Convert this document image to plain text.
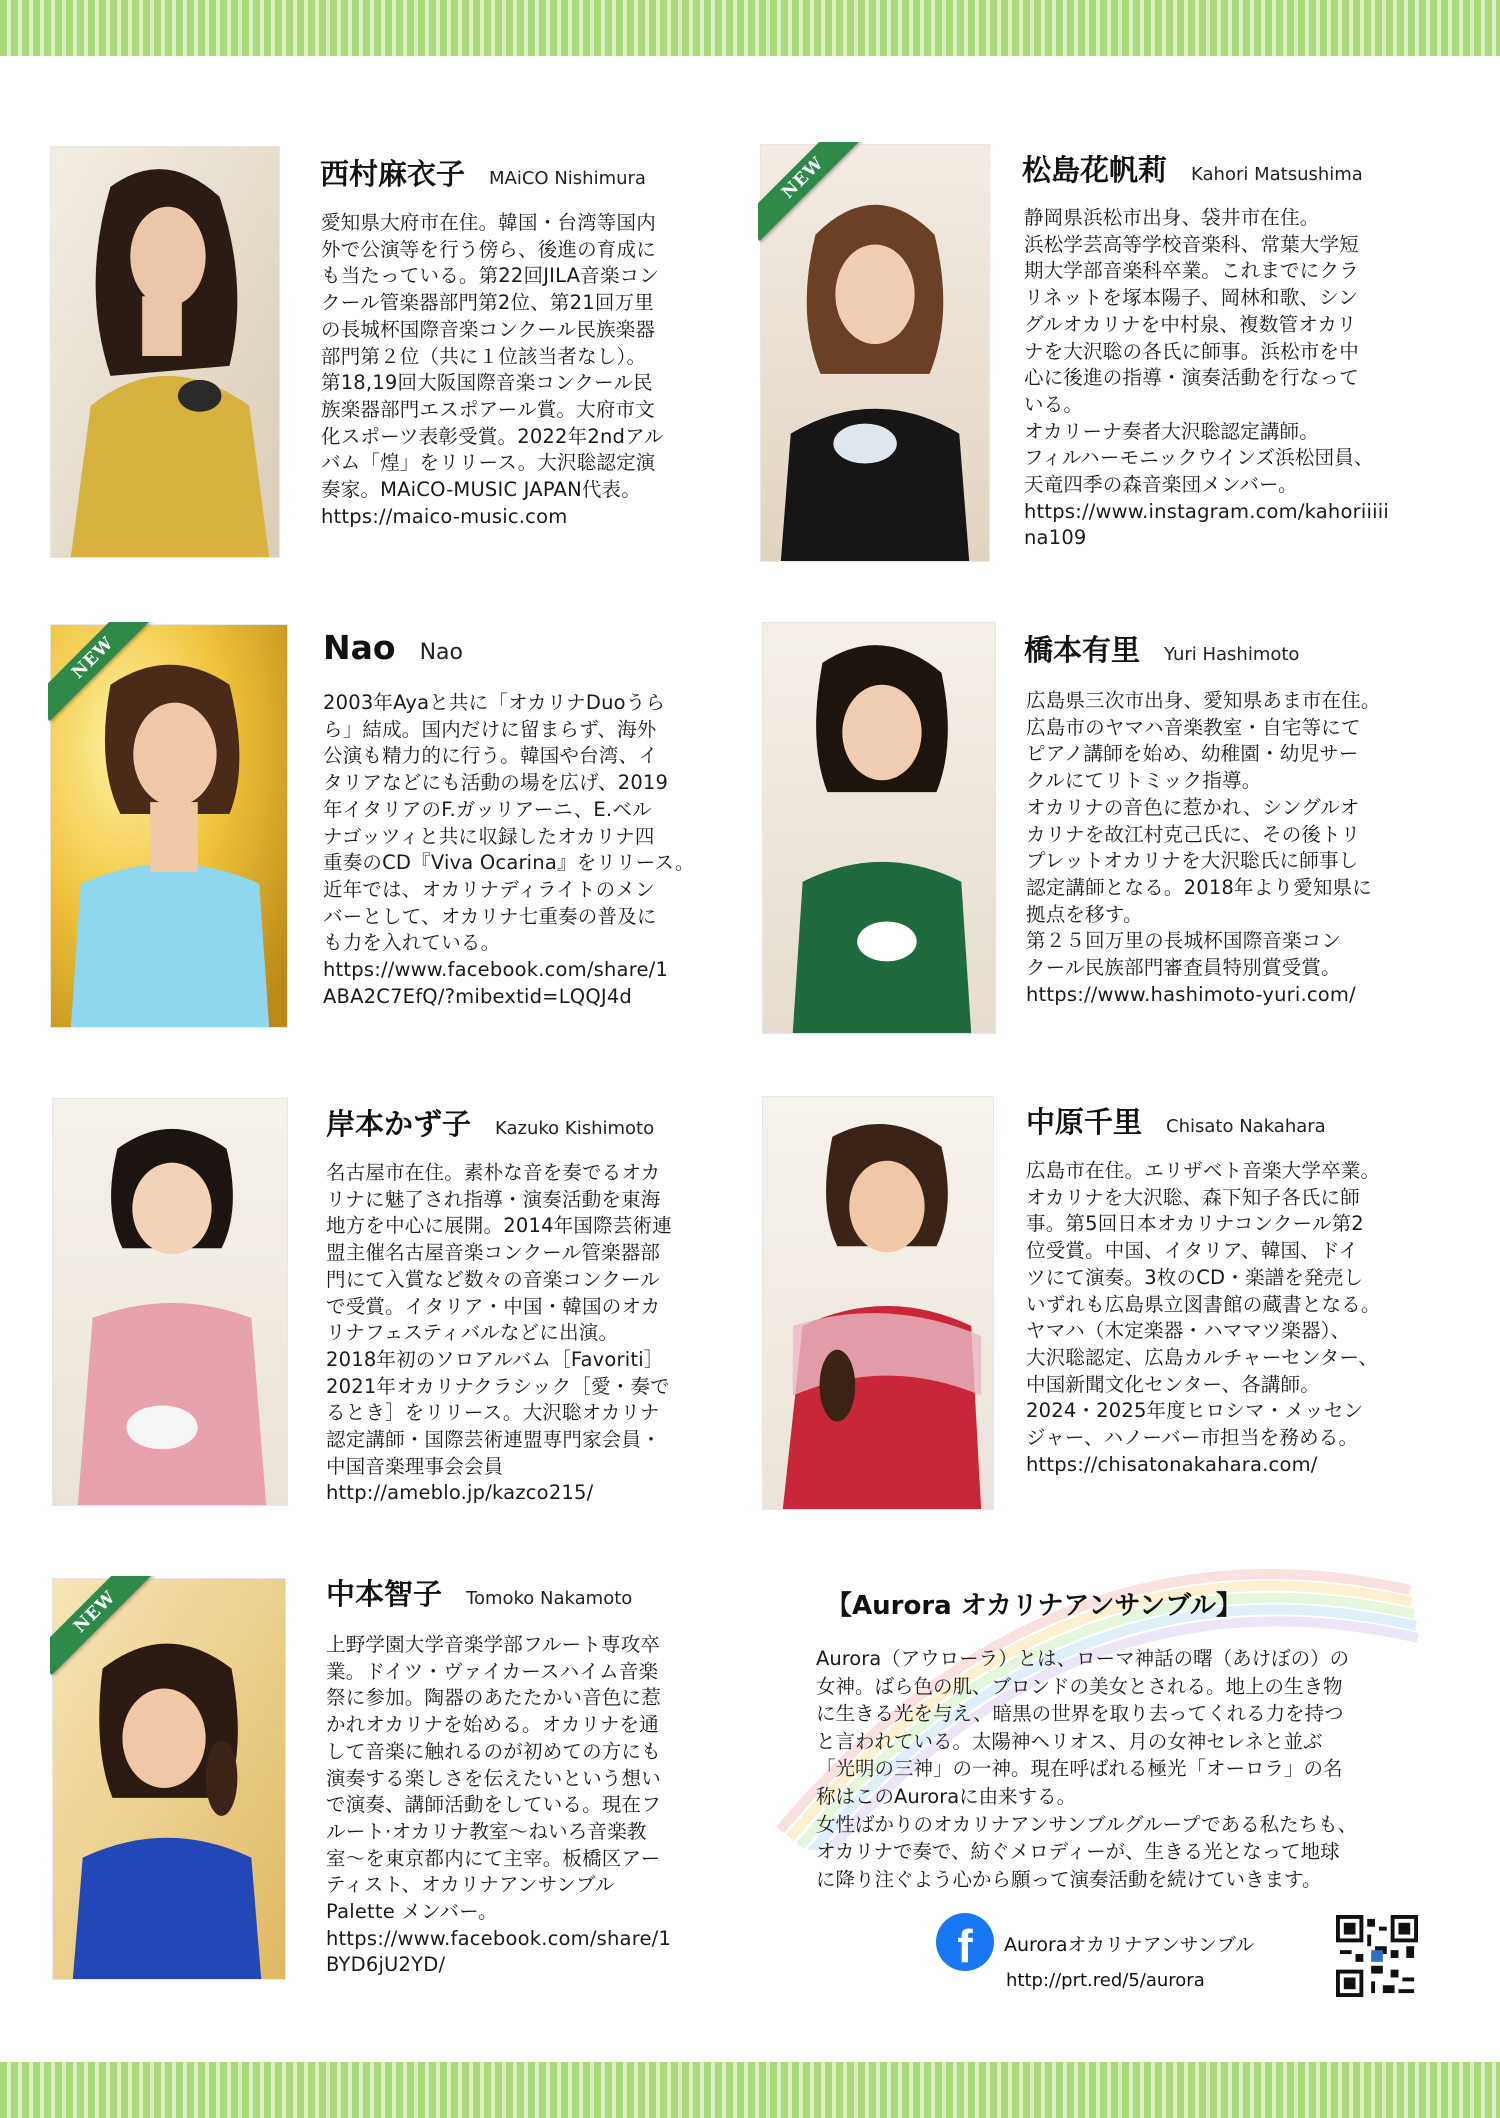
西村麻衣子 MAiCO Nishimura
愛知県大府市在住。韓国・台湾等国内
外で公演等を行う傍ら、後進の育成に
も当たっている。第22回JILA音楽コン
クール管楽器部門第2位、第21回万里
の長城杯国際音楽コンクール民族楽器
部門第２位（共に１位該当者なし）。
第18,19回大阪国際音楽コンクール民
族楽器部門エスポアール賞。大府市文
化スポーツ表彰受賞。2022年2ndアル
バム「煌」をリリース。大沢聡認定演
奏家。MAiCO-MUSIC JAPAN代表。
https://maico-music.com
NEW	松島花帆莉 Kahori Matsushima
静岡県浜松市出身、袋井市在住。
浜松学芸高等学校音楽科、常葉大学短
期大学部音楽科卒業。これまでにクラ
リネットを塚本陽子、岡林和歌、シン
グルオカリナを中村泉、複数管オカリ
ナを大沢聡の各氏に師事。浜松市を中
心に後進の指導・演奏活動を行なって
いる。
オカリーナ奏者大沢聡認定講師。
フィルハーモニックウインズ浜松団員、
天竜四季の森音楽団メンバー。
https://www.instagram.com/kahoriiiii
na109
NEW	Nao Nao
2003年Ayaと共に「オカリナDuoうら
ら」結成。国内だけに留まらず、海外
公演も精力的に行う。韓国や台湾、イ
タリアなどにも活動の場を広げ、2019
年イタリアのF.ガッリアーニ、E.ベル
ナゴッツィと共に収録したオカリナ四
重奏のCD『Viva Ocarina』をリリース。
近年では、オカリナディライトのメン
バーとして、オカリナ七重奏の普及に
も力を入れている。
https://www.facebook.com/share/1
ABA2C7EfQ/?mibextid=LQQJ4d
橋本有里 Yuri Hashimoto
広島県三次市出身、愛知県あま市在住。
広島市のヤマハ音楽教室・自宅等にて
ピアノ講師を始め、幼稚園・幼児サー
クルにてリトミック指導。
オカリナの音色に惹かれ、シングルオ
カリナを故江村克己氏に、その後トリ
プレットオカリナを大沢聡氏に師事し
認定講師となる。2018年より愛知県に
拠点を移す。
第２５回万里の長城杯国際音楽コン
クール民族部門審査員特別賞受賞。
https://www.hashimoto-yuri.com/
岸本かず子 Kazuko Kishimoto
名古屋市在住。素朴な音を奏でるオカ
リナに魅了され指導・演奏活動を東海
地方を中心に展開。2014年国際芸術連
盟主催名古屋音楽コンクール管楽器部
門にて入賞など数々の音楽コンクール
で受賞。イタリア・中国・韓国のオカ
リナフェスティバルなどに出演。
2018年初のソロアルバム［Favoriti］
2021年オカリナクラシック［愛・奏で
るとき］をリリース。大沢聡オカリナ
認定講師・国際芸術連盟専門家会員・
中国音楽理事会会員
http://ameblo.jp/kazco215/
中原千里 Chisato Nakahara
広島市在住。エリザベト音楽大学卒業。
オカリナを大沢聡、森下知子各氏に師
事。第5回日本オカリナコンクール第2
位受賞。中国、イタリア、韓国、ドイ
ツにて演奏。3枚のCD・楽譜を発売し
いずれも広島県立図書館の蔵書となる。
ヤマハ（木定楽器・ハママツ楽器）、
大沢聡認定、広島カルチャーセンター、
中国新聞文化センター、各講師。
2024・2025年度ヒロシマ・メッセン
ジャー、ハノーバー市担当を務める。
https://chisatonakahara.com/
NEW	中本智子 Tomoko Nakamoto
上野学園大学音楽学部フルート専攻卒
業。ドイツ・ヴァイカースハイム音楽
祭に参加。陶器のあたたかい音色に惹
かれオカリナを始める。オカリナを通
して音楽に触れるのが初めての方にも
演奏する楽しさを伝えたいという想い
で演奏、講師活動をしている。現在フ
ルート·オカリナ教室〜ねいろ音楽教
室〜を東京都内にて主宰。板橋区アー
ティスト、オカリナアンサンブル
Palette メンバー。
https://www.facebook.com/share/1
BYD6jU2YD/
【Aurora オカリナアンサンブル】
Aurora（アウローラ）とは、ローマ神話の曙（あけぼの）の
女神。ばら色の肌、ブロンドの美女とされる。地上の生き物
に生きる光を与え、暗黒の世界を取り去ってくれる力を持つ
と言われている。太陽神ヘリオス、月の女神セレネと並ぶ
「光明の三神」の一神。現在呼ばれる極光「オーロラ」の名
称はこのAuroraに由来する。
女性ばかりのオカリナアンサンブルグループである私たちも、
オカリナで奏で、紡ぐメロディーが、生きる光となって地球
に降り注ぐよう心から願って演奏活動を続けていきます。
f	Auroraオカリナアンサンブル
http://prt.red/5/aurora
